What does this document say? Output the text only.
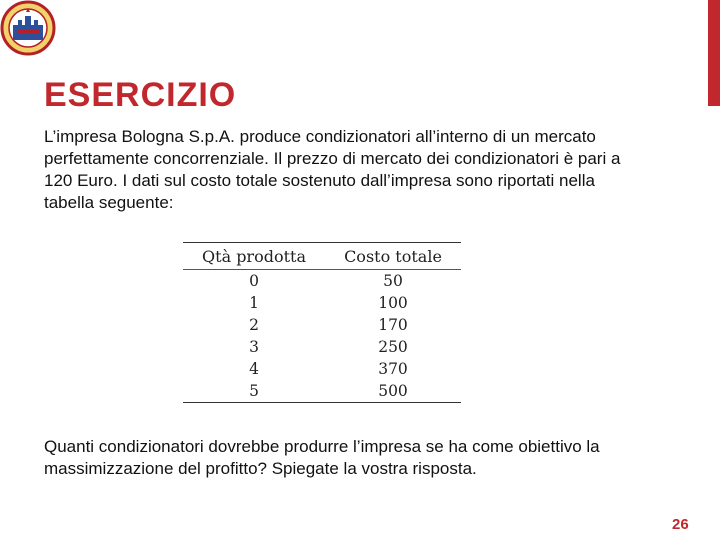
ESERCIZIO

L’impresa Bologna S.p.A. produce condizionatori all’interno di un mercato perfettamente concorrenziale. Il prezzo di mercato dei condizionatori è pari a 120 Euro. I dati sul costo totale sostenuto dall’impresa sono riportati nella tabella seguente:

Qtà prodotta	Costo totale
0	50
1	100
2	170
3	250
4	370
5	500

Quanti condizionatori dovrebbe produrre l’impresa se ha come obiettivo la massimizzazione del profitto? Spiegate la vostra risposta.

26
